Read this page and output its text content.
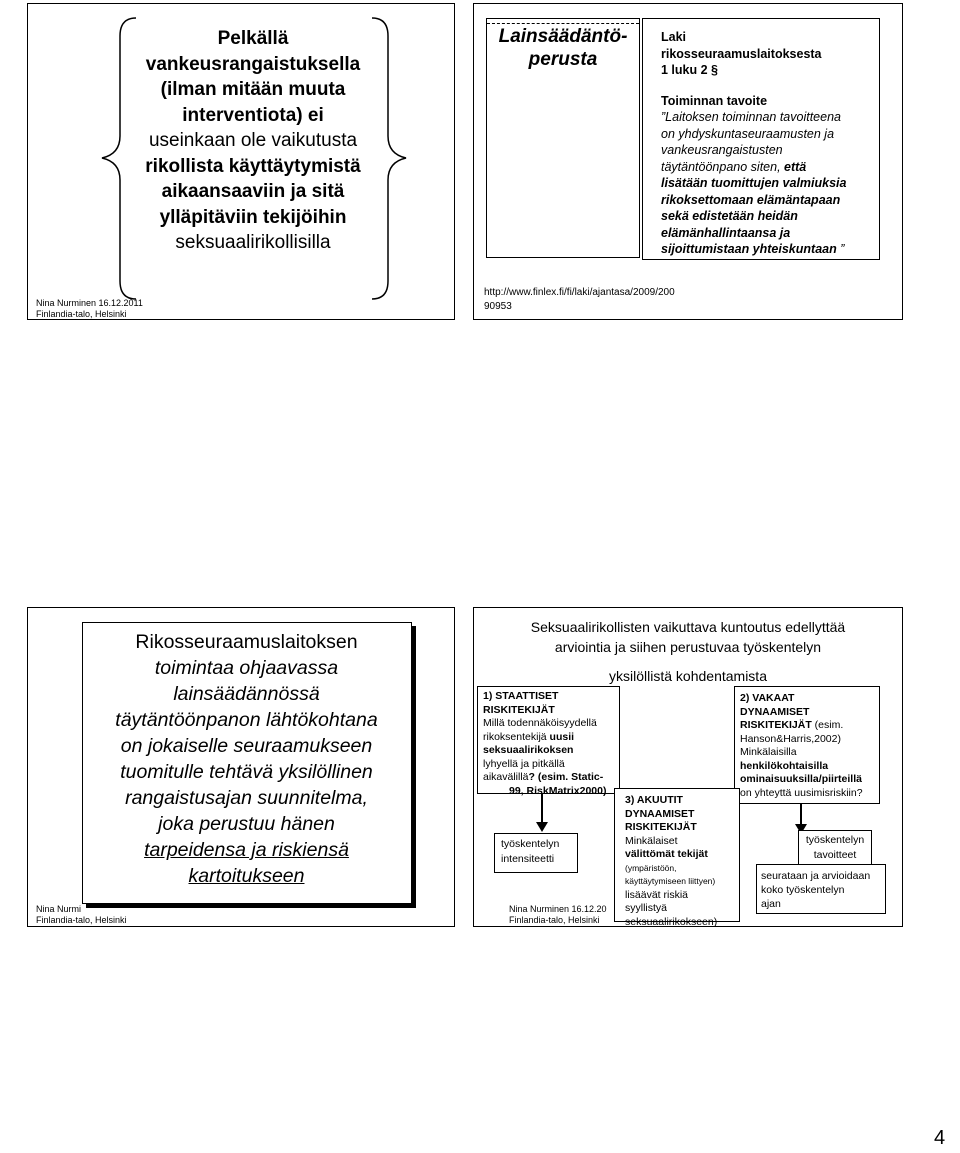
Pelkällä
vankeusrangaistuksella
(ilman mitään muuta
interventiota) ei
useinkaan ole vaikutusta
rikollista käyttäytymistä
aikaansaaviin ja sitä
ylläpitäviin tekijöihin
seksuaalirikollisilla
Nina Nurminen 16.12.2011
Finlandia-talo, Helsinki
Lainsäädäntö-
perusta
Laki
rikosseuraamuslaitoksesta
1 luku 2 §
Toiminnan tavoite
”Laitoksen toiminnan tavoitteena
on yhdyskuntaseuraamusten ja
vankeusrangaistusten
täytäntöönpano siten, että
lisätään tuomittujen valmiuksia
rikoksettomaan elämäntapaan
sekä edistetään heidän
elämänhallintaansa ja
sijoittumistaan yhteiskuntaan ”
http://www.finlex.fi/fi/laki/ajantasa/2009/200
90953
Rikosseuraamuslaitoksen
toimintaa ohjaavassa
lainsäädännössä
täytäntöönpanon lähtökohtana
on jokaiselle seuraamukseen
tuomitulle tehtävä yksilöllinen
rangaistusajan suunnitelma,
joka perustuu hänen
tarpeidensa ja riskiensä
kartoitukseen
Nina Nurmi
Finlandia-talo, Helsinki
Seksuaalirikollisten vaikuttava kuntoutus edellyttää
arviointia ja siihen perustuvaa työskentelyn
yksilöllistä kohdentamista
1) STAATTISET
RISKITEKIJÄT
Millä todennäköisyydellä
rikoksentekijä uusii
seksuaalirikoksen
lyhyellä ja pitkällä
aikavälillä? (esim. Static-
99, RiskMatrix2000)
2) VAKAAT
DYNAAMISET
RISKITEKIJÄT (esim.
Hanson&Harris,2002)
Minkälaisilla
henkilökohtaisilla
ominaisuuksilla/piirteillä
on yhteyttä uusimisriskiin?
3) AKUUTIT
DYNAAMISET
RISKITEKIJÄT
Minkälaiset
välittömät tekijät
(ympäristöön,
käyttäytymiseen liittyen)
lisäävät riskiä
syyllistyä
seksuaalirikokseen)
työskentelyn
intensiteetti
työskentelyn
tavoitteet
seurataan ja arvioidaan
koko työskentelyn
ajan
Nina Nurminen 16.12.20
Finlandia-talo, Helsinki
4
